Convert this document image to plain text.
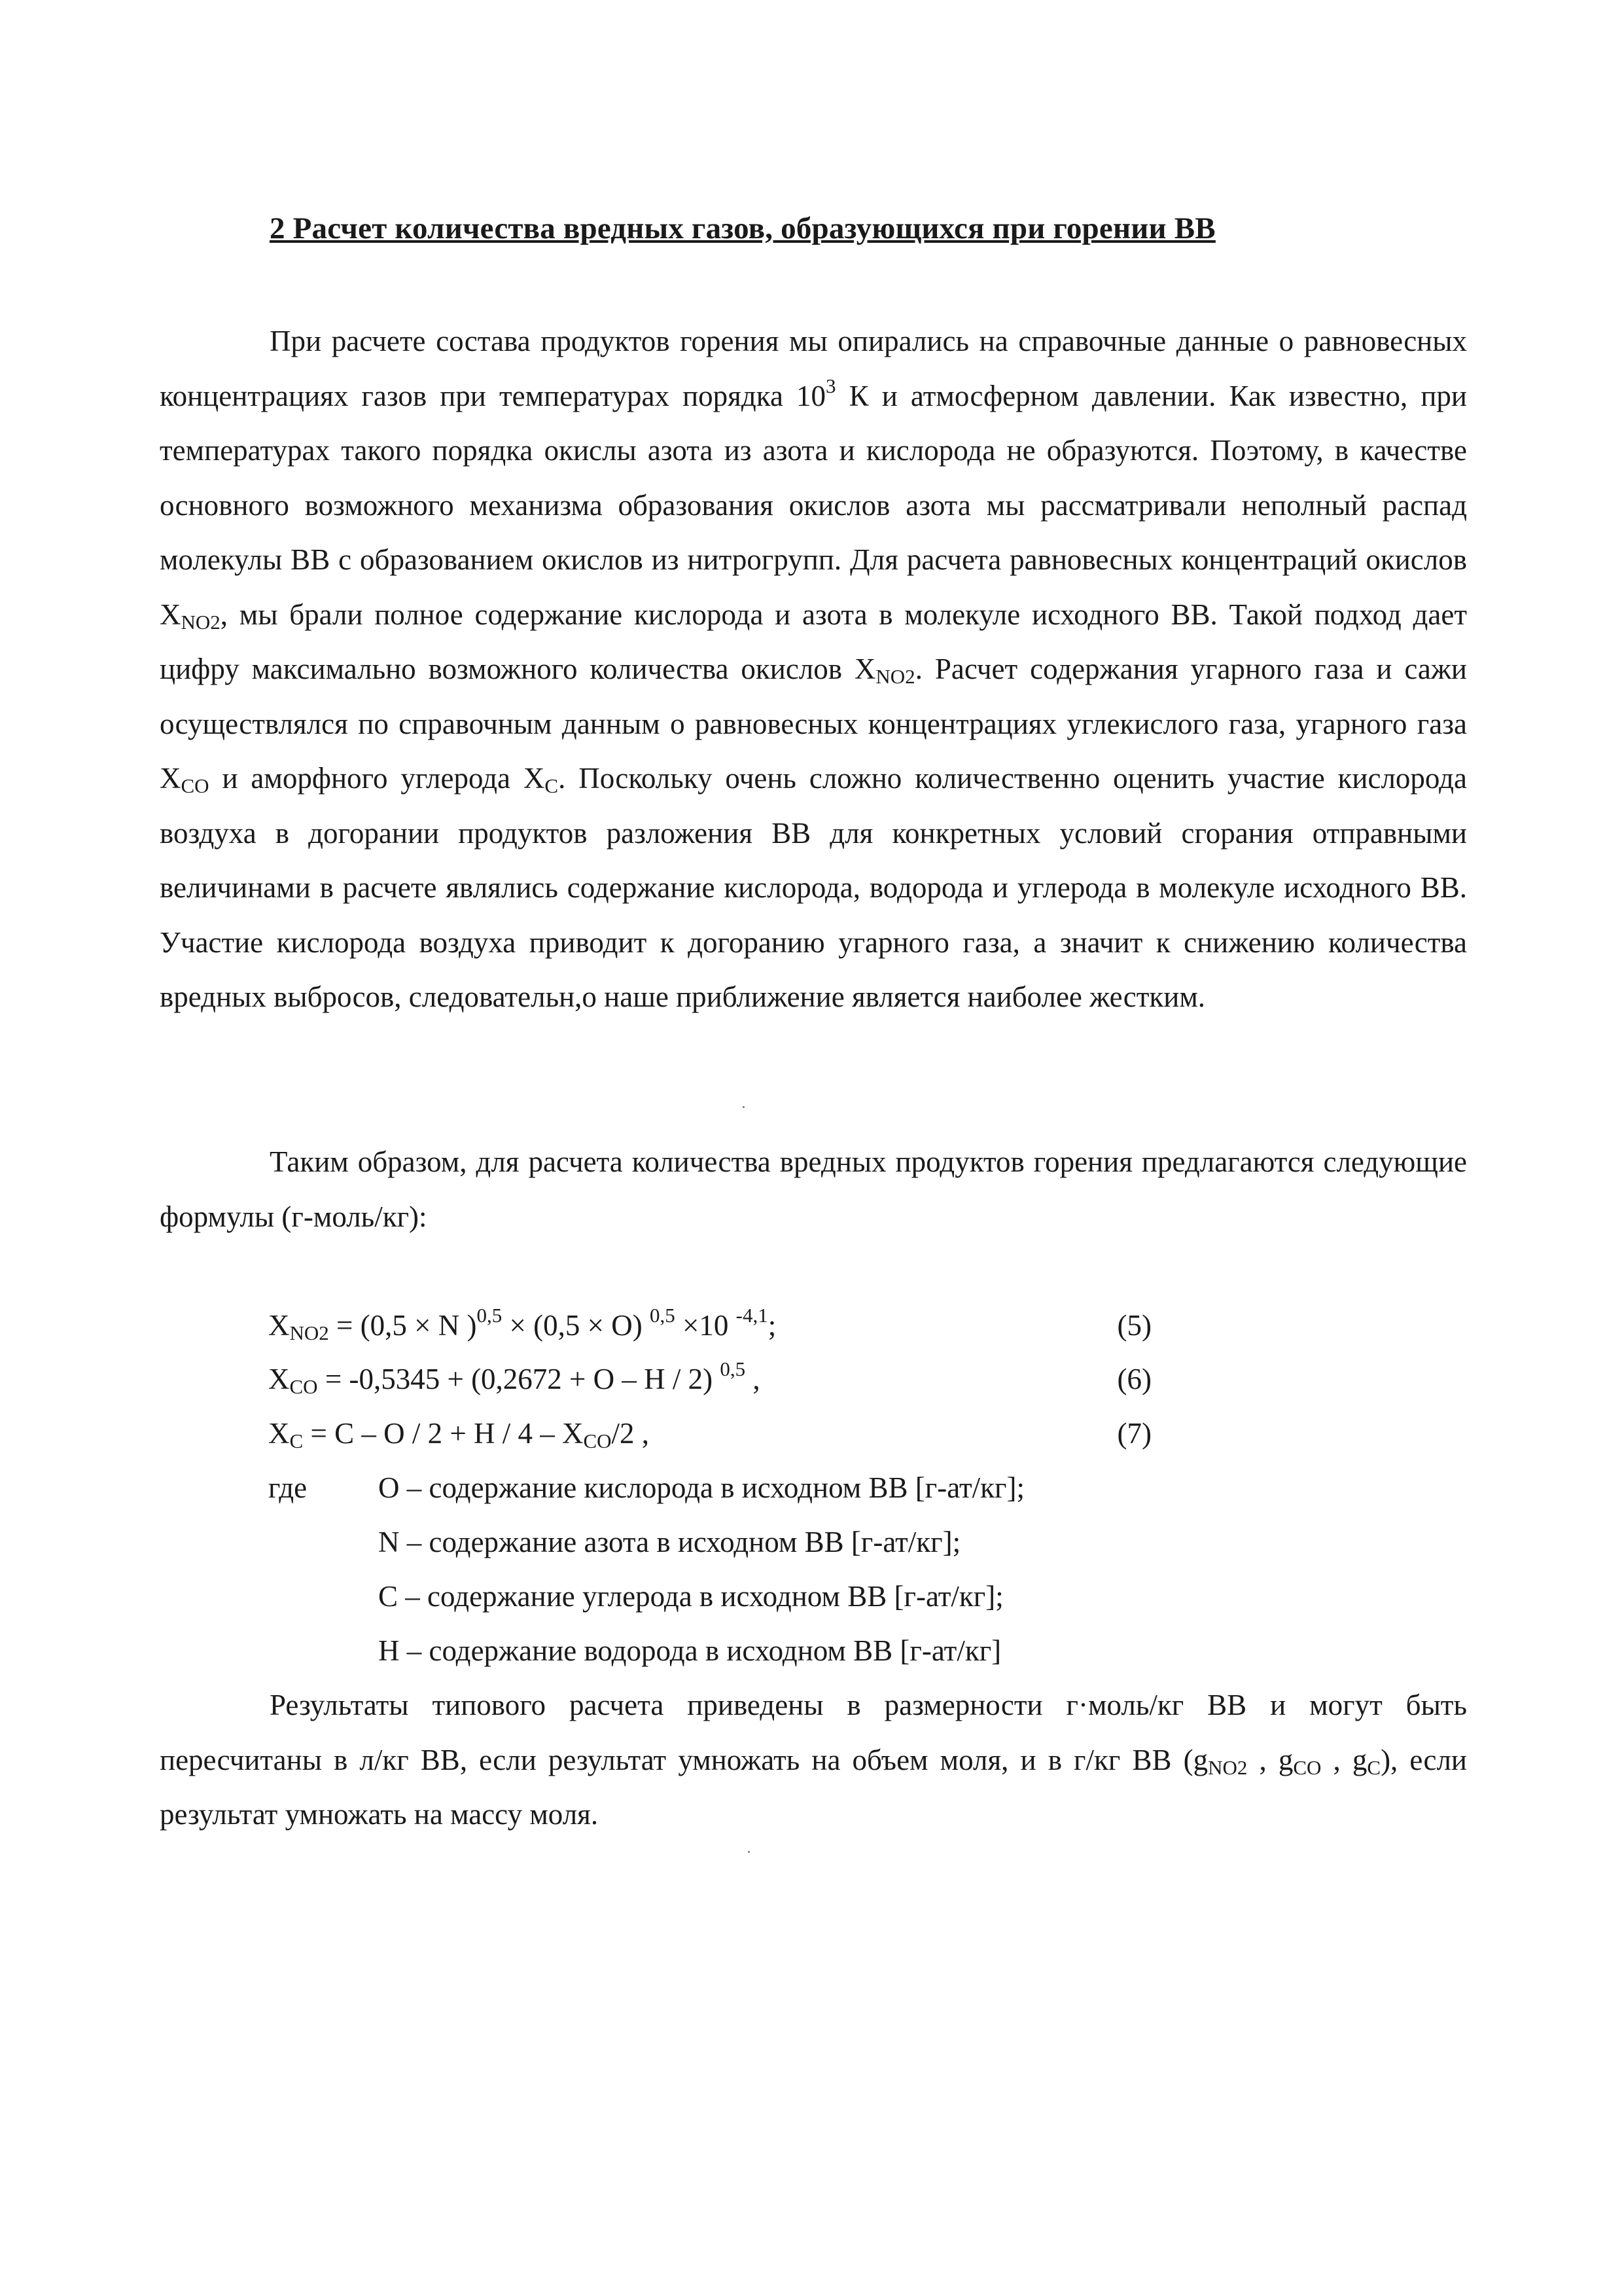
2 Расчет количества вредных газов, образующихся при горении ВВ

При расчете состава продуктов горения мы опирались на справочные данные о равновесных концентрациях газов при температурах порядка $10^3$ К и атмосферном давлении. Как известно, при температурах такого порядка окислы азота из азота и кислорода не образуются. Поэтому, в качестве основного возможного механизма образования окислов азота мы рассматривали неполный распад молекулы ВВ с образованием окислов из нитрогрупп. Для расчета равновесных концентраций окислов $X_{NO2}$, мы брали полное содержание кислорода и азота в молекуле исходного ВВ. Такой подход дает цифру максимально возможного количества окислов $X_{NO2}$. Расчет содержания угарного газа и сажи осуществлялся по справочным данным о равновесных концентрациях углекислого газа, угарного газа $X_{CO}$ и аморфного углерода $X_C$. Поскольку очень сложно количественно оценить участие кислорода воздуха в догорании продуктов разложения ВВ для конкретных условий сгорания отправными величинами в расчете являлись содержание кислорода, водорода и углерода в молекуле исходного ВВ. Участие кислорода воздуха приводит к догоранию угарного газа, а значит к снижению количества вредных выбросов, следовательн,о наше приближение является наиболее жестким.

Таким образом, для расчета количества вредных продуктов горения предлагаются следующие формулы (г-моль/кг):

$X_{NO2} = (0,5 \times N$ )$^{0,5}$ × (0,5 × O) $^{0,5}$ ×10 $^{-4,1}$;	(5)
$X_{CO} = -0,5345 + (0,2672 + O - H / 2)$ $^{0,5}$ ,	(6)
$X_C = C - O / 2 + H / 4 - X_{CO}/2$ ,	(7)
где O – содержание кислорода в исходном ВВ [г-ат/кг];
N – содержание азота в исходном ВВ [г-ат/кг];
C – содержание углерода в исходном ВВ [г-ат/кг];
H – содержание водорода в исходном ВВ [г-ат/кг]

Результаты типового расчета приведены в размерности г·моль/кг ВВ и могут быть пересчитаны в л/кг ВВ, если результат умножать на объем моля, и в г/кг ВВ ($g_{NO2}$ , $g_{CO}$ , $g_C$), если результат умножать на массу моля.
